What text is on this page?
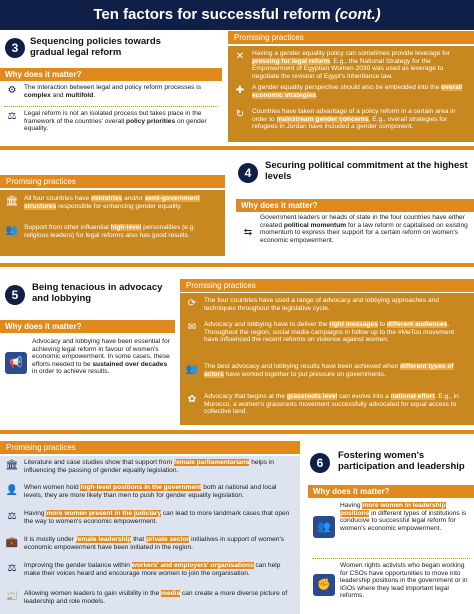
Ten factors for successful reform (cont.)
3	Sequencing policies towards gradual legal reform
Why does it matter?
⚙	The interaction between legal and policy reform processes is complex and multifold.
⚖	Legal reform is not an isolated process but takes place in the framework of the countries' overall policy priorities on gender equality.
Promising practices
✕	Having a gender equality policy can sometimes provide leverage for pressing for legal reform. E.g., the National Strategy for the Empowerment of Egyptian Women 2030 was used as leverage to negotiate the revision of Egypt's inheritance law.
✚	A gender equality perspective should also be embedded into the overall economic strategies.
↻	Countries have taken advantage of a policy reform in a certain area in order to mainstream gender concerns. E.g., overall strategies for refugees in Jordan have included a gender component.
Promising practices
🏛 All four countries have ministries and/or semi-government structures responsible for enhancing gender equality.
👥 Support from other influential high-level personalities (e.g. religious leaders) for legal reforms also has good results.
4
Securing political commitment at the highest levels
Why does it matter?
⇆
Government leaders or heads of state in the four countries have either created political momentum for a law reform or capitalised on existing momentum to express their support for a certain reform on women's economic empowerment.
5
Being tenacious in advocacy and lobbying
Why does it matter?
📢
Advocacy and lobbying have been essential for achieving legal reform in favour of women's economic empowerment. In some cases, these efforts needed to be sustained over decades in order to achieve results.
Promising practices
⟳	The four countries have used a range of advocacy and lobbying approaches and techniques throughout the legislative cycle.
✉	Advocacy and lobbying have to deliver the right messages to different audiences. Throughout the region, social media campaigns in follow up to the #MeToo movement have influenced the recent reforms on violence against women.
👥 The best advocacy and lobbying results have been achieved when different types of actors have worked together to put pressure on governments.
✿	Advocacy that begins at the grassroots level can evolve into a national effort. E.g., in Morocco, a women's grassroots movement successfully advocated for equal access to collective land.
Promising practices
🏛 Literature and case studies show that support from female parliamentarians helps in influencing the passing of gender equality legislation.
👤 When women hold high-level positions in the government both at national and local levels, they are more likely than men to push for gender equality legislation.
⚖	Having more women present in the judiciary can lead to more landmark cases that open the way to women's economic empowerment.
💼 It is mostly under female leadership that private sector initiatives in support of women's economic empowerment have been initiated in the region.
⚖	Improving the gender balance within workers' and employers' organisations can help make their voices heard and encourage more women to join the organisation.
📰 Allowing women leaders to gain visibility in the media can create a more diverse picture of leadership and role models.
6
Fostering women's participation and leadership
Why does it matter?
👥
Having more women in leadership positions in different types of institutions is conducive to successful legal reform for women's economic empowerment.
✊
Women rights activists who began working for CSOs have opportunities to move into leadership positions in the government or in IGOs where they lead important legal reforms.
